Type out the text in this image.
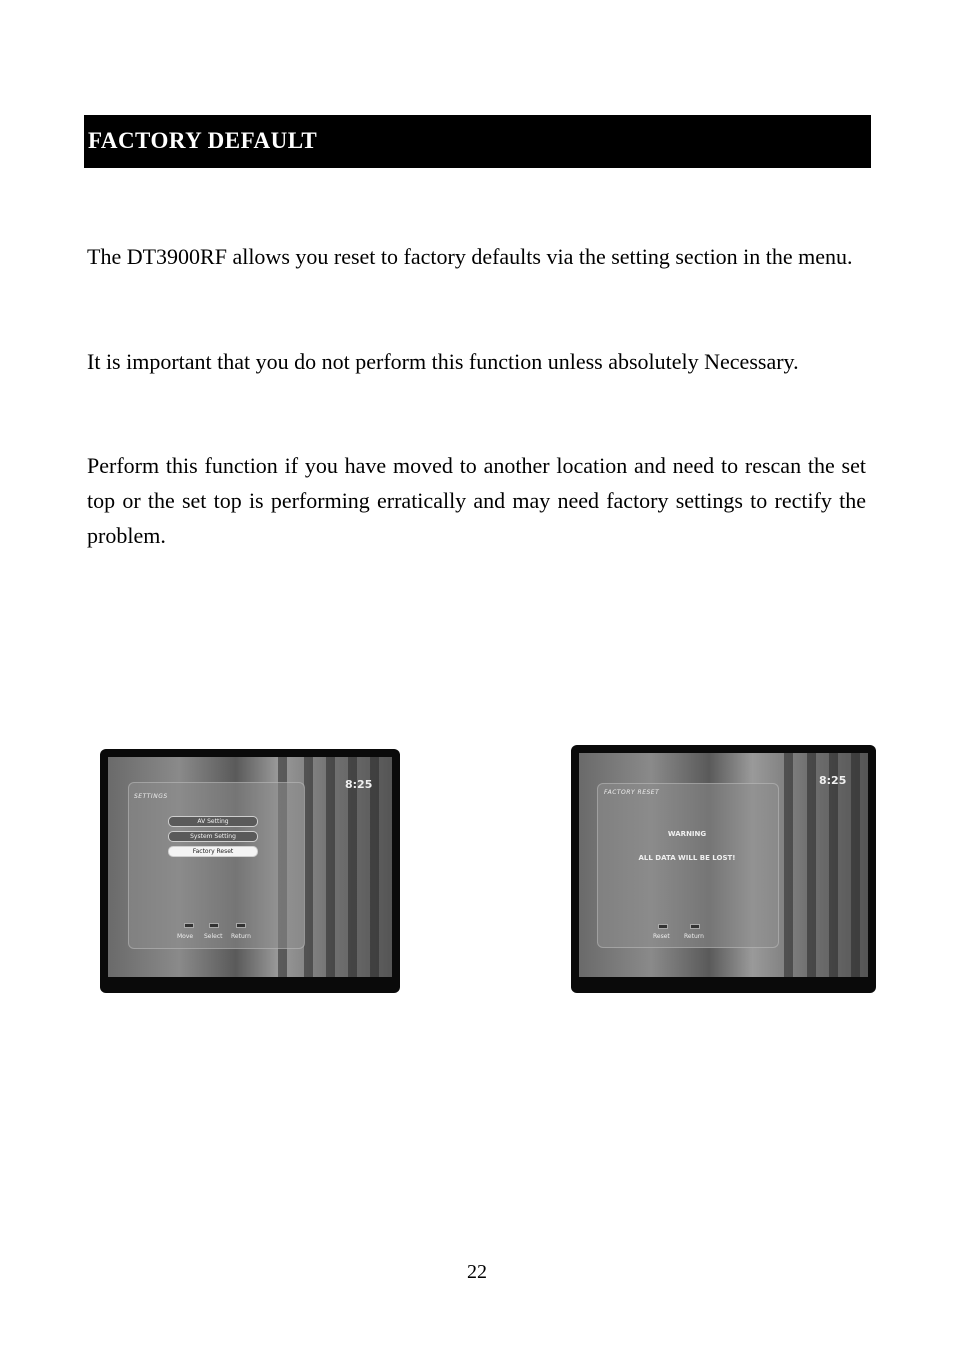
FACTORY DEFAULT

The DT3900RF allows you reset to factory defaults via the setting section in the menu.

It is important that you do not perform this function unless absolutely Necessary.

Perform this function if you have moved to another location and need to rescan the set top or the set top is performing erratically and may need factory settings to rectify the problem.

SETTINGS
8:25
AV Setting
System Setting
Factory Reset
Move Select Return
FACTORY RESET
8:25
WARNING
ALL DATA WILL BE LOST!
Reset Return
22
